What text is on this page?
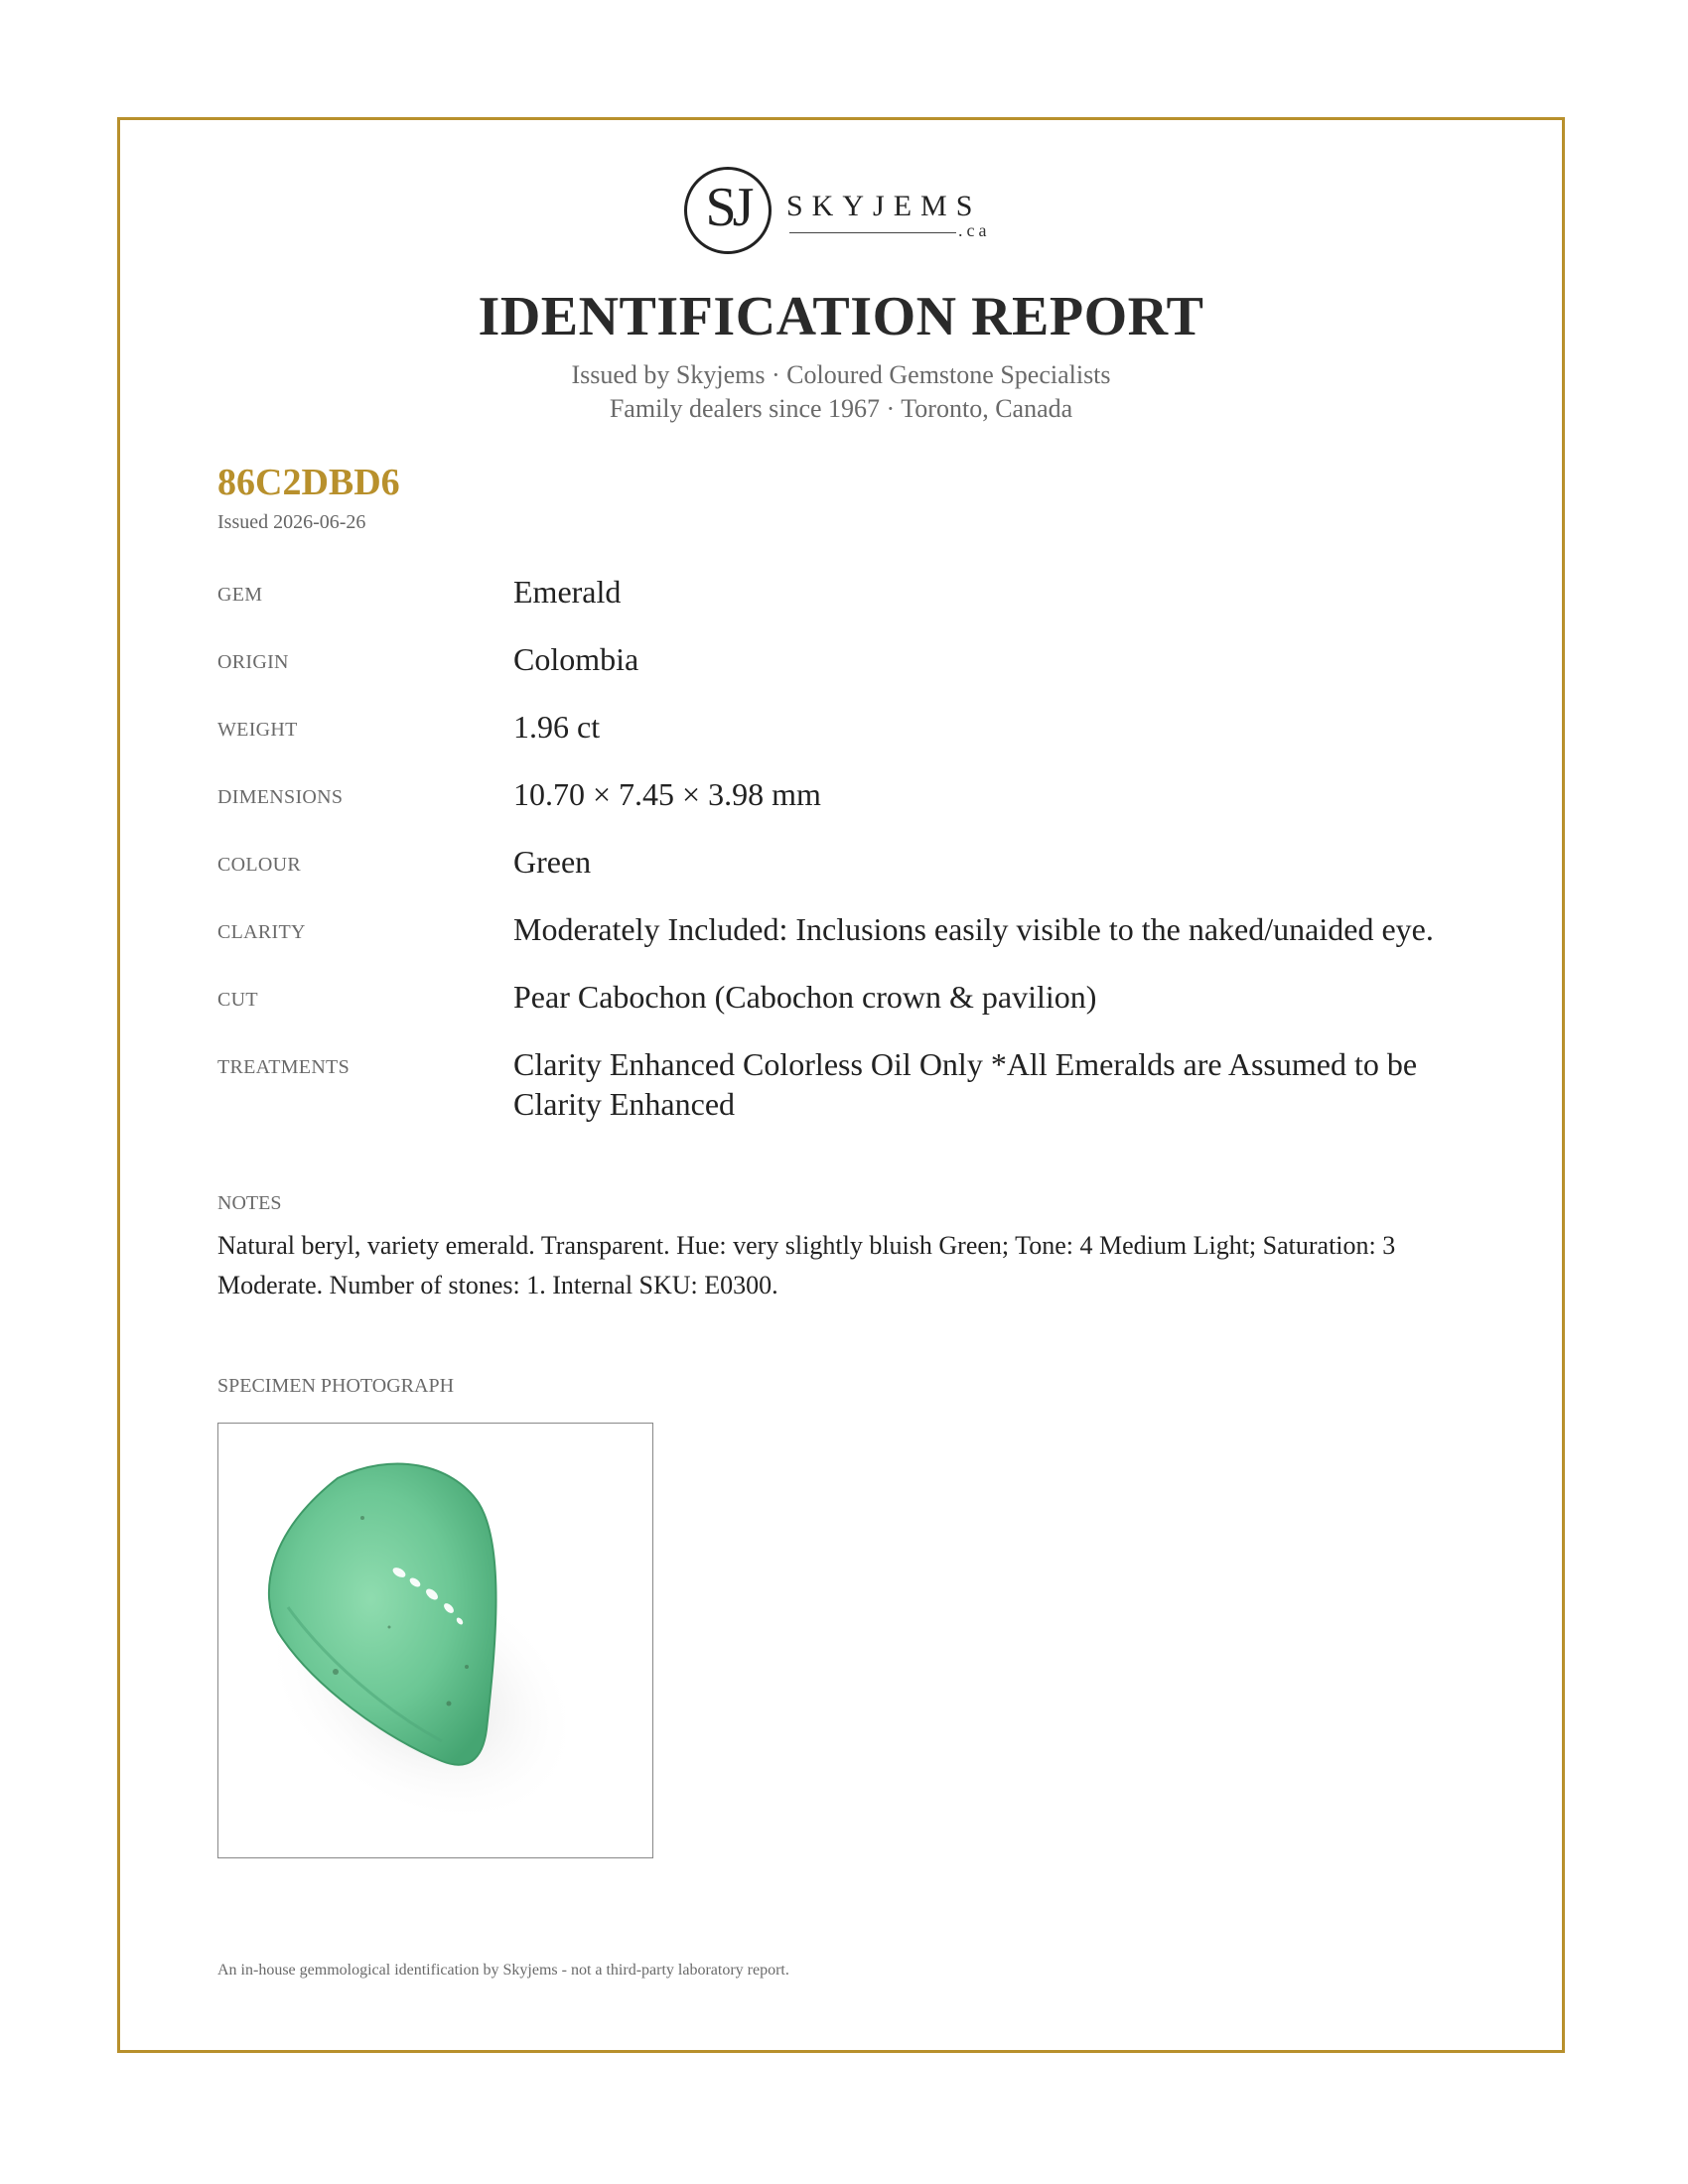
SJ	SKYJEMS
.ca
IDENTIFICATION REPORT
Issued by Skyjems · Coloured Gemstone Specialists
Family dealers since 1967 · Toronto, Canada
86C2DBD6
Issued 2026-06-26
GEM	Emerald
ORIGIN	Colombia
WEIGHT	1.96 ct
DIMENSIONS	10.70 × 7.45 × 3.98 mm
COLOUR	Green
CLARITY	Moderately Included: Inclusions easily visible to the naked/unaided eye.
CUT	Pear Cabochon (Cabochon crown & pavilion)
TREATMENTS	Clarity Enhanced Colorless Oil Only *All Emeralds are Assumed to be Clarity Enhanced
NOTES
Natural beryl, variety emerald. Transparent. Hue: very slightly bluish Green; Tone: 4 Medium Light; Saturation: 3 Moderate. Number of stones: 1. Internal SKU: E0300.
SPECIMEN PHOTOGRAPH
An in-house gemmological identification by Skyjems - not a third-party laboratory report.
